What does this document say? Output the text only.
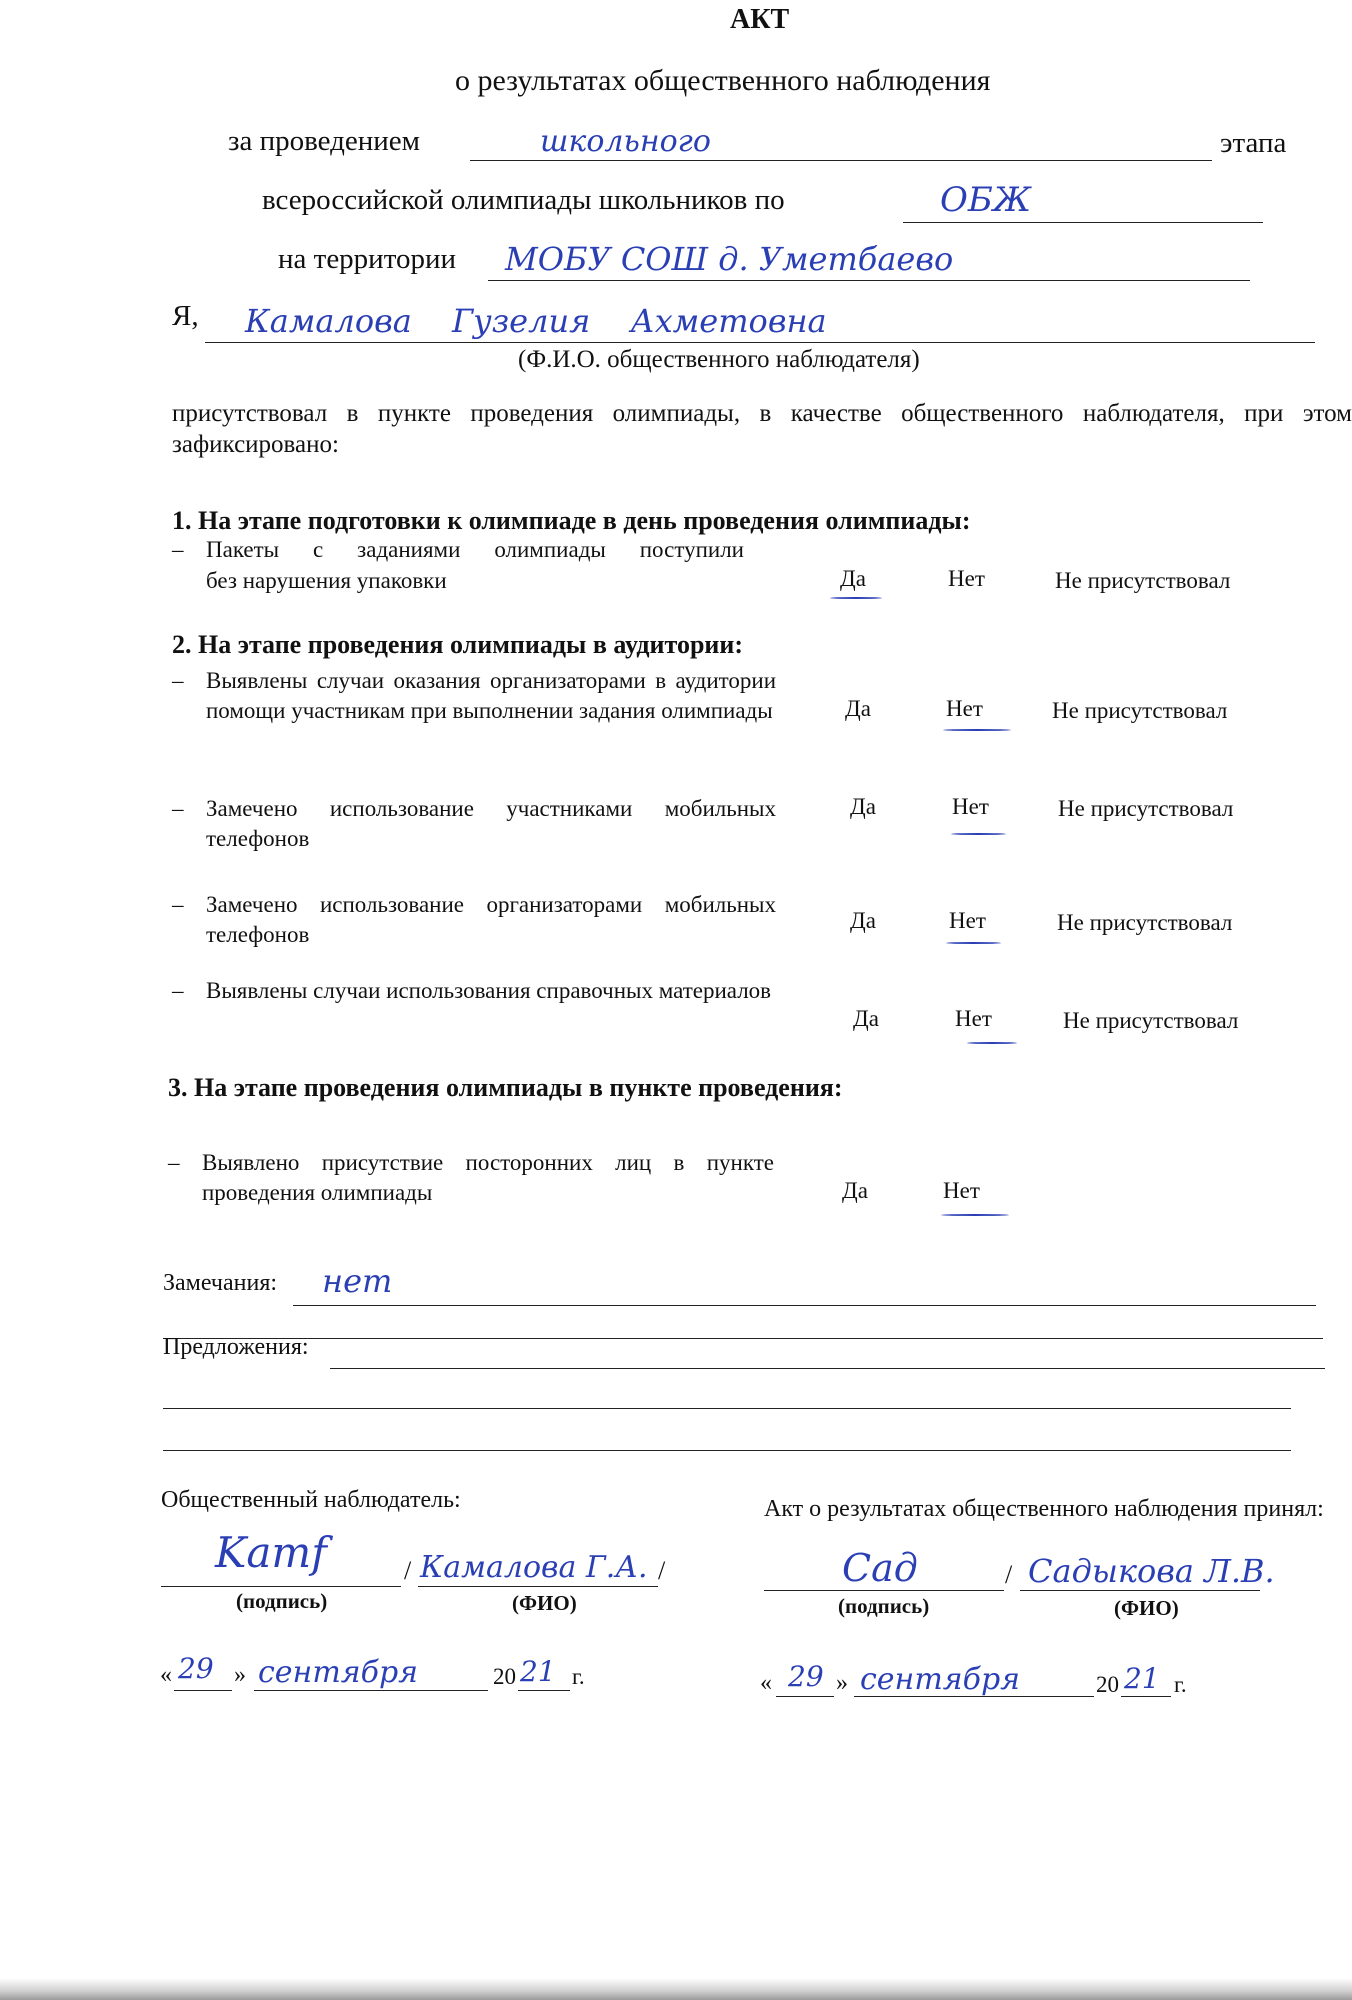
АКТ
о результатах общественного наблюдения
за проведением	школьного	этапа
всероссийской олимпиады школьников по	ОБЖ
на территории МОБУ СОШ д. Уметбаево
Я, Камалова Гузелия Ахметовна
(Ф.И.О. общественного наблюдателя)
присутствовал в пункте проведения олимпиады, в качестве общественного наблюдателя, при этом зафиксировано:
1. На этапе подготовки к олимпиаде в день проведения олимпиады:
– Пакеты с заданиями олимпиады поступили
без нарушения упаковки	Да	Нет	Не присутствовал
2. На этапе проведения олимпиады в аудитории:
– Выявлены случаи оказания организаторами в аудитории помощи участникам при выполнении задания олимпиады	Да	Нет	Не присутствовал
– Замечено использование участниками мобильных телефонов
Да	Нет	Не присутствовал
– Замечено использование организаторами мобильных телефонов
Да	Нет	Не присутствовал
– Выявлены случаи использования справочных материалов
Да	Нет	Не присутствовал
3. На этапе проведения олимпиады в пункте проведения:
– Выявлено присутствие посторонних лиц в пункте проведения олимпиады	Да	Нет
Замечания: нет
Предложения:
Общественный наблюдатель:
Kamf	/ Камалова Г.А. /
(подпись)	(ФИО)
« 29 » сентября	20 21 г.
Акт о результатах общественного наблюдения принял:
Сад	/ Садыкова Л.В.
(подпись)	(ФИО)
« 29 » сентября	20 21 г.
